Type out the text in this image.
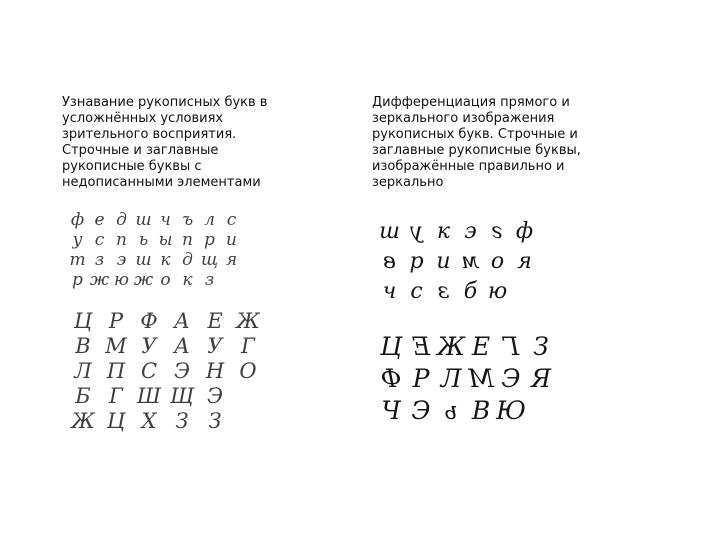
Узнавание рукописных букв в
усложнённых условиях
зрительного восприятия.
Строчные и заглавные
рукописные буквы с
недописанными элементами

Дифференциация прямого и
зеркального изображения
рукописных букв. Строчные и
заглавные рукописные буквы,
изображённые правильно и
зеркально

ф е д ш ч ъ л с
у с п ь ы п р и
т з э ш к д щ я
р ж ю ж о к з
Ц Р Ф А Е Ж
В М У А У Г
Л П С Э Н О
Б Г Ш Щ Э
Ж Ц Х З З
ш у к э г ф
в р и м о я
ч с з б ю
Ц Е Ж Е Г З
Ф Р Л М Э Я
Ч Э ь В Ю
